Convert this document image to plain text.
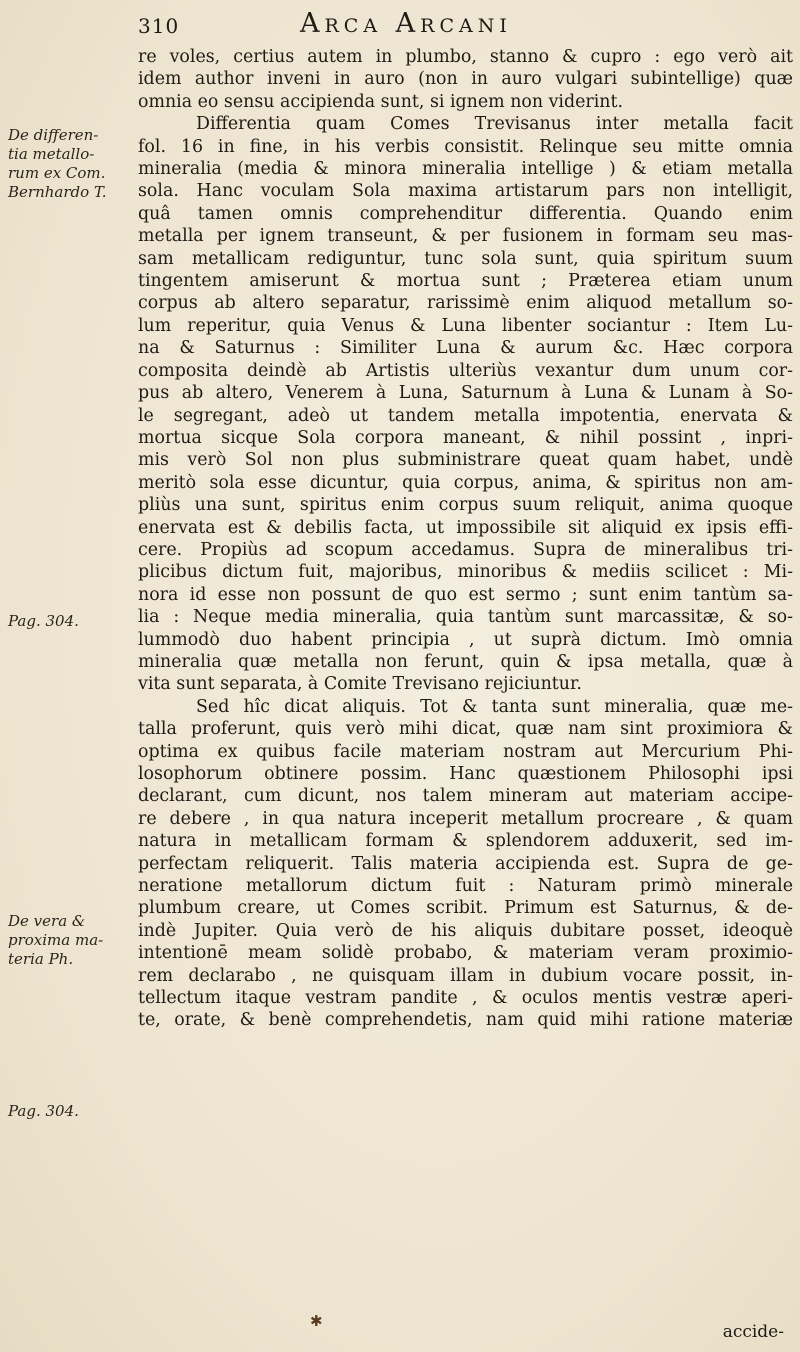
310	Arca Arcani
De differen-
tia metallo-
rum ex Com.
Bernhardo T.
Pag. 304.
De vera &
proxima ma-
teria Ph.
Pag. 304.
re voles, certius autem in plumbo, stanno & cupro : ego verò ait
idem author inveni in auro (non in auro vulgari subintellige) quæ
omnia eo sensu accipienda sunt, si ignem non viderint.
Differentia quam Comes Trevisanus inter metalla facit
fol. 16 in fine, in his verbis consistit. Relinque seu mitte omnia
mineralia (media & minora mineralia intellige ) & etiam metalla
sola. Hanc voculam Sola maxima artistarum pars non intelligit,
quâ tamen omnis comprehenditur differentia. Quando enim
metalla per ignem transeunt, & per fusionem in formam seu mas-
sam metallicam rediguntur, tunc sola sunt, quia spiritum suum
tingentem amiserunt & mortua sunt ; Præterea etiam unum
corpus ab altero separatur, rarissimè enim aliquod metallum so-
lum reperitur, quia Venus & Luna libenter sociantur : Item Lu-
na & Saturnus : Similiter Luna & aurum &c. Hæc corpora
composita deindè ab Artistis ulteriùs vexantur dum unum cor-
pus ab altero, Venerem à Luna, Saturnum à Luna & Lunam à So-
le segregant, adeò ut tandem metalla impotentia, enervata &
mortua sicque Sola corpora maneant, & nihil possint , inpri-
mis verò Sol non plus subministrare queat quam habet, undè
meritò sola esse dicuntur, quia corpus, anima, & spiritus non am-
pliùs una sunt, spiritus enim corpus suum reliquit, anima quoque
enervata est & debilis facta, ut impossibile sit aliquid ex ipsis effi-
cere. Propiùs ad scopum accedamus. Supra de mineralibus tri-
plicibus dictum fuit, majoribus, minoribus & mediis scilicet : Mi-
nora id esse non possunt de quo est sermo ; sunt enim tantùm sa-
lia : Neque media mineralia, quia tantùm sunt marcassitæ, & so-
lummodò duo habent principia , ut suprà dictum. Imò omnia
mineralia quæ metalla non ferunt, quin & ipsa metalla, quæ à
vita sunt separata, à Comite Trevisano rejiciuntur.
Sed hîc dicat aliquis. Tot & tanta sunt mineralia, quæ me-
talla proferunt, quis verò mihi dicat, quæ nam sint proximiora &
optima ex quibus facile materiam nostram aut Mercurium Phi-
losophorum obtinere possim. Hanc quæstionem Philosophi ipsi
declarant, cum dicunt, nos talem mineram aut materiam accipe-
re debere , in qua natura inceperit metallum procreare , & quam
natura in metallicam formam & splendorem adduxerit, sed im-
perfectam reliquerit. Talis materia accipienda est. Supra de ge-
neratione metallorum dictum fuit : Naturam primò minerale
plumbum creare, ut Comes scribit. Primum est Saturnus, & de-
indè Jupiter. Quia verò de his aliquis dubitare posset, ideoquè
intentionē meam solidè probabo, & materiam veram proximio-
rem declarabo , ne quisquam illam in dubium vocare possit, in-
tellectum itaque vestram pandite , & oculos mentis vestræ aperi-
te, orate, & benè comprehendetis, nam quid mihi ratione materiæ
✱
accide-
